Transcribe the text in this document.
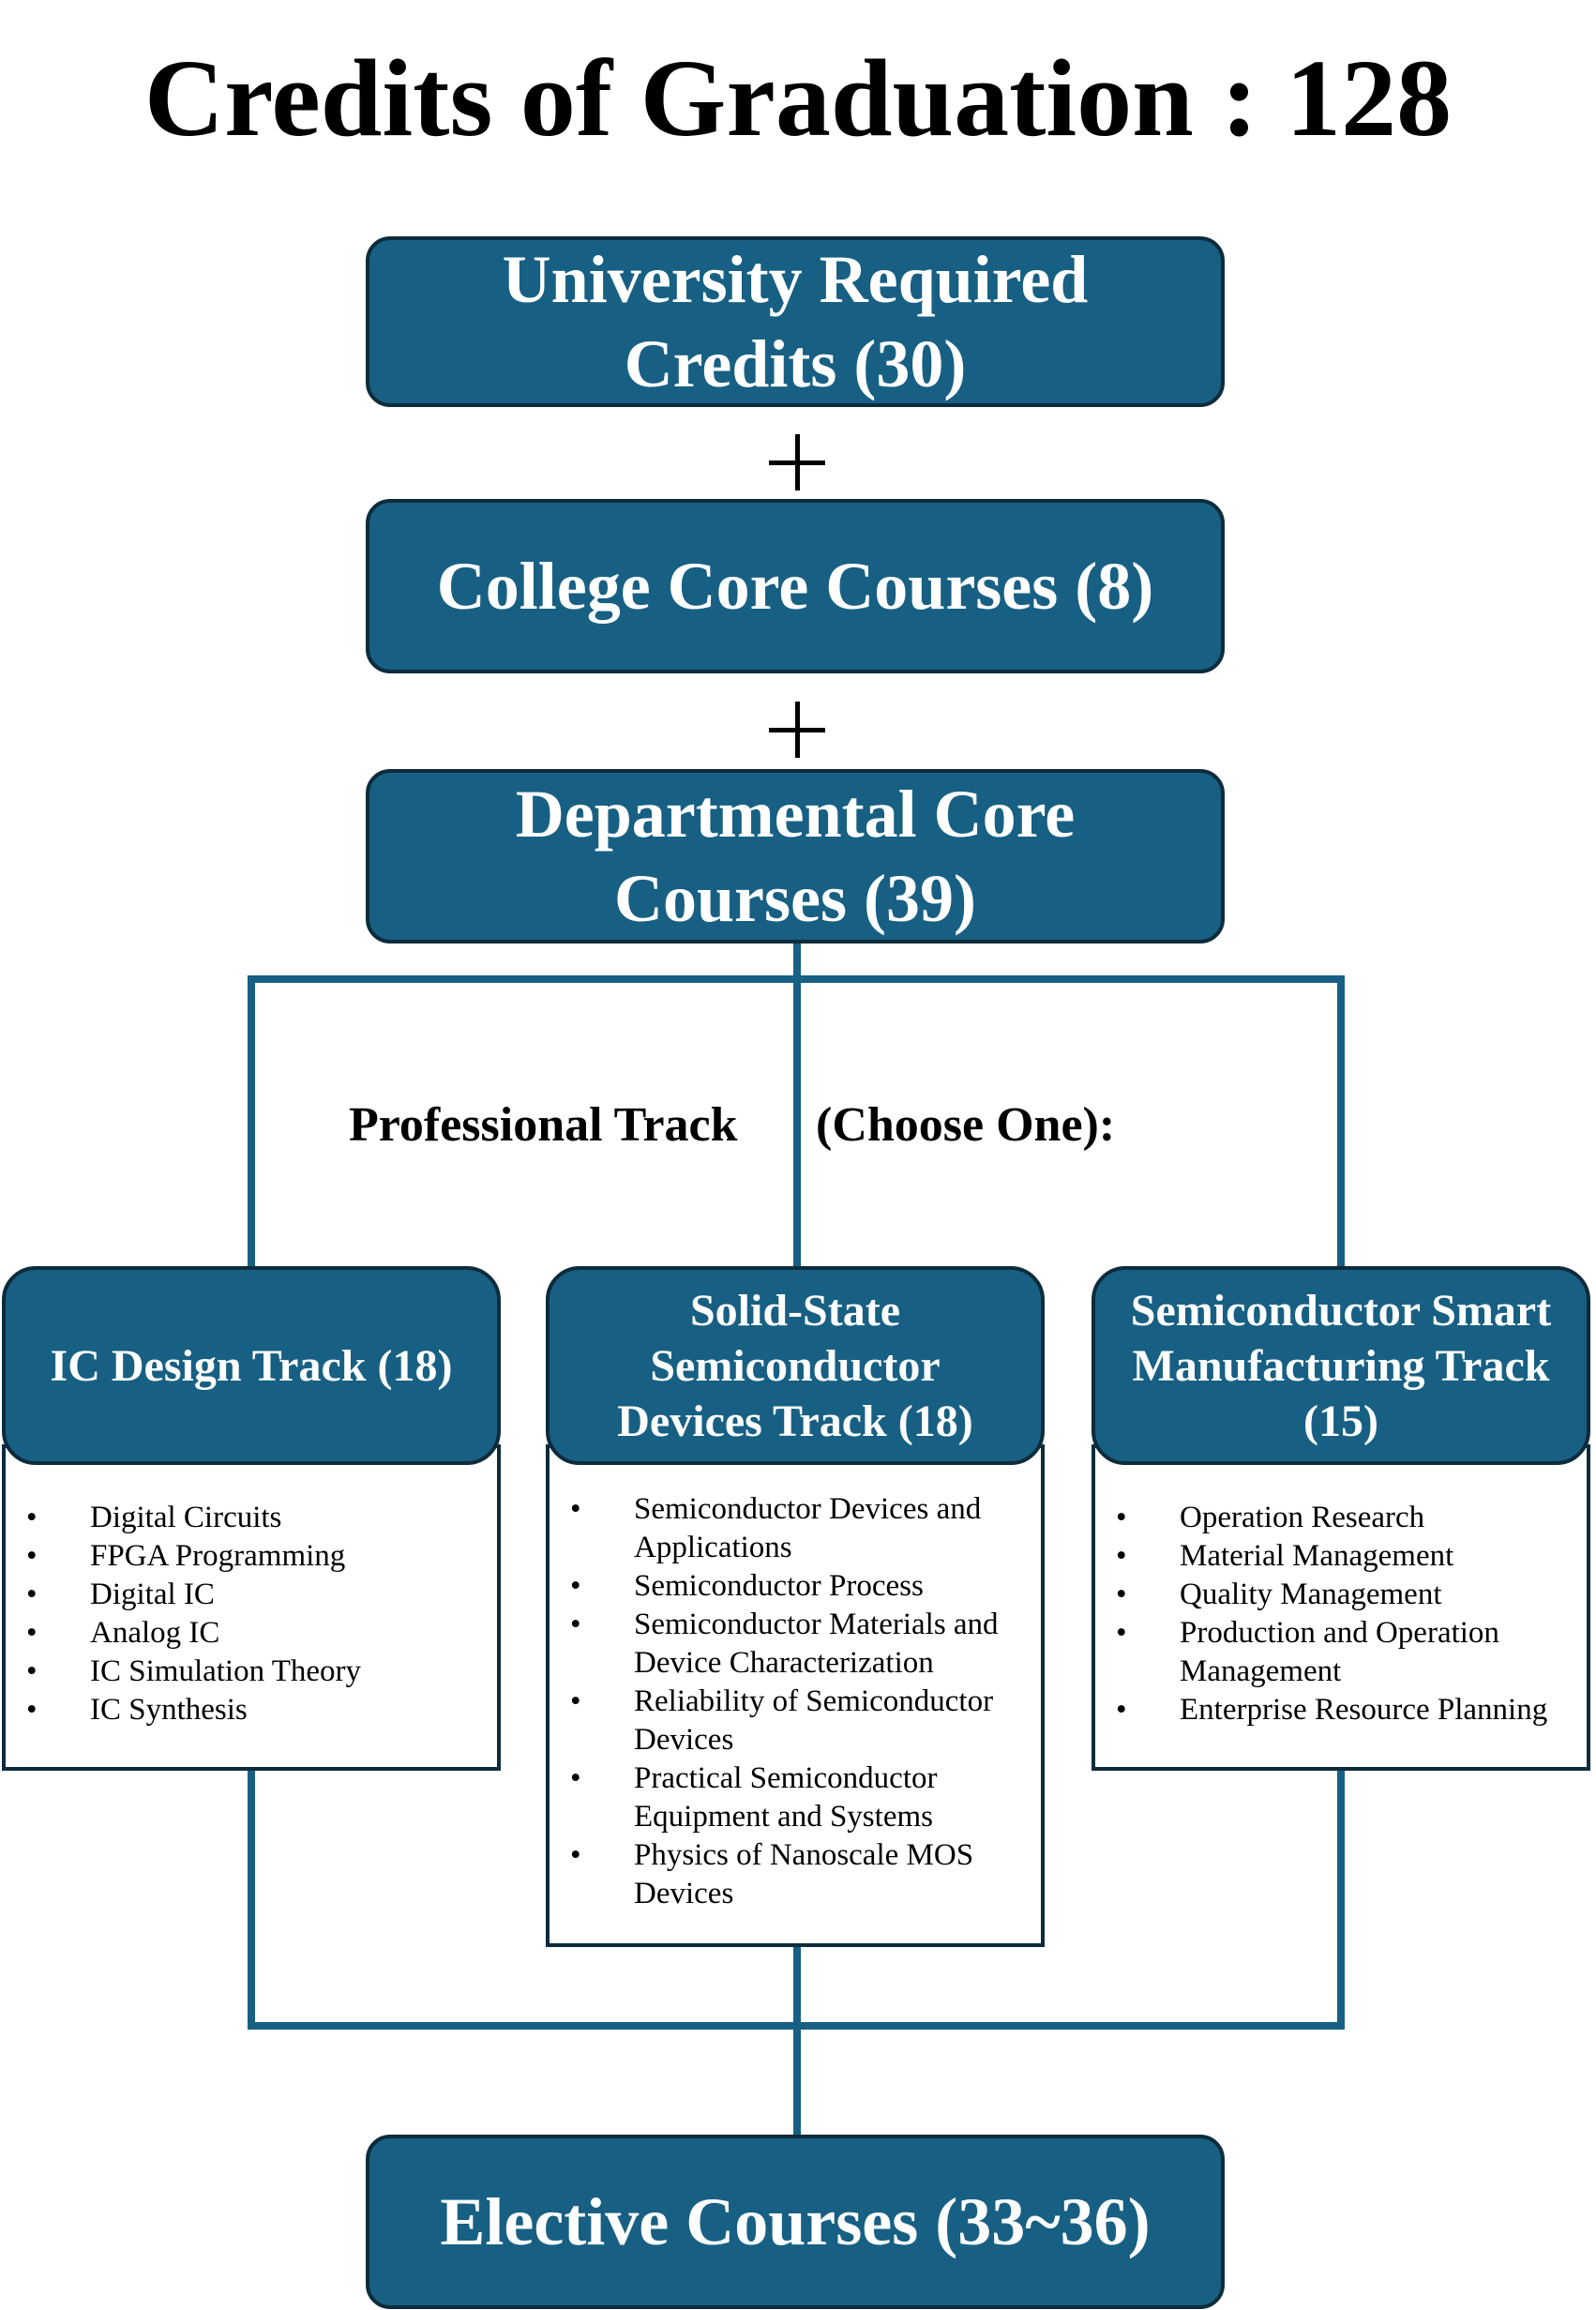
Credits of Graduation : 128
University Required
Credits (30)
College Core Courses (8)
Departmental Core
Courses (39)
Professional Track (Choose One):
IC Design Track (18)
• Digital Circuits
• FPGA Programming
• Digital IC
• Analog IC
• IC Simulation Theory
• IC Synthesis
Solid-State
Semiconductor
Devices Track (18)
• Semiconductor Devices and
Applications
• Semiconductor Process
• Semiconductor Materials and
Device Characterization
• Reliability of Semiconductor
Devices
• Practical Semiconductor
Equipment and Systems
• Physics of Nanoscale MOS
Devices
Semiconductor Smart
Manufacturing Track
(15)
• Operation Research
• Material Management
• Quality Management
• Production and Operation
Management
• Enterprise Resource Planning
Elective Courses (33~36)
